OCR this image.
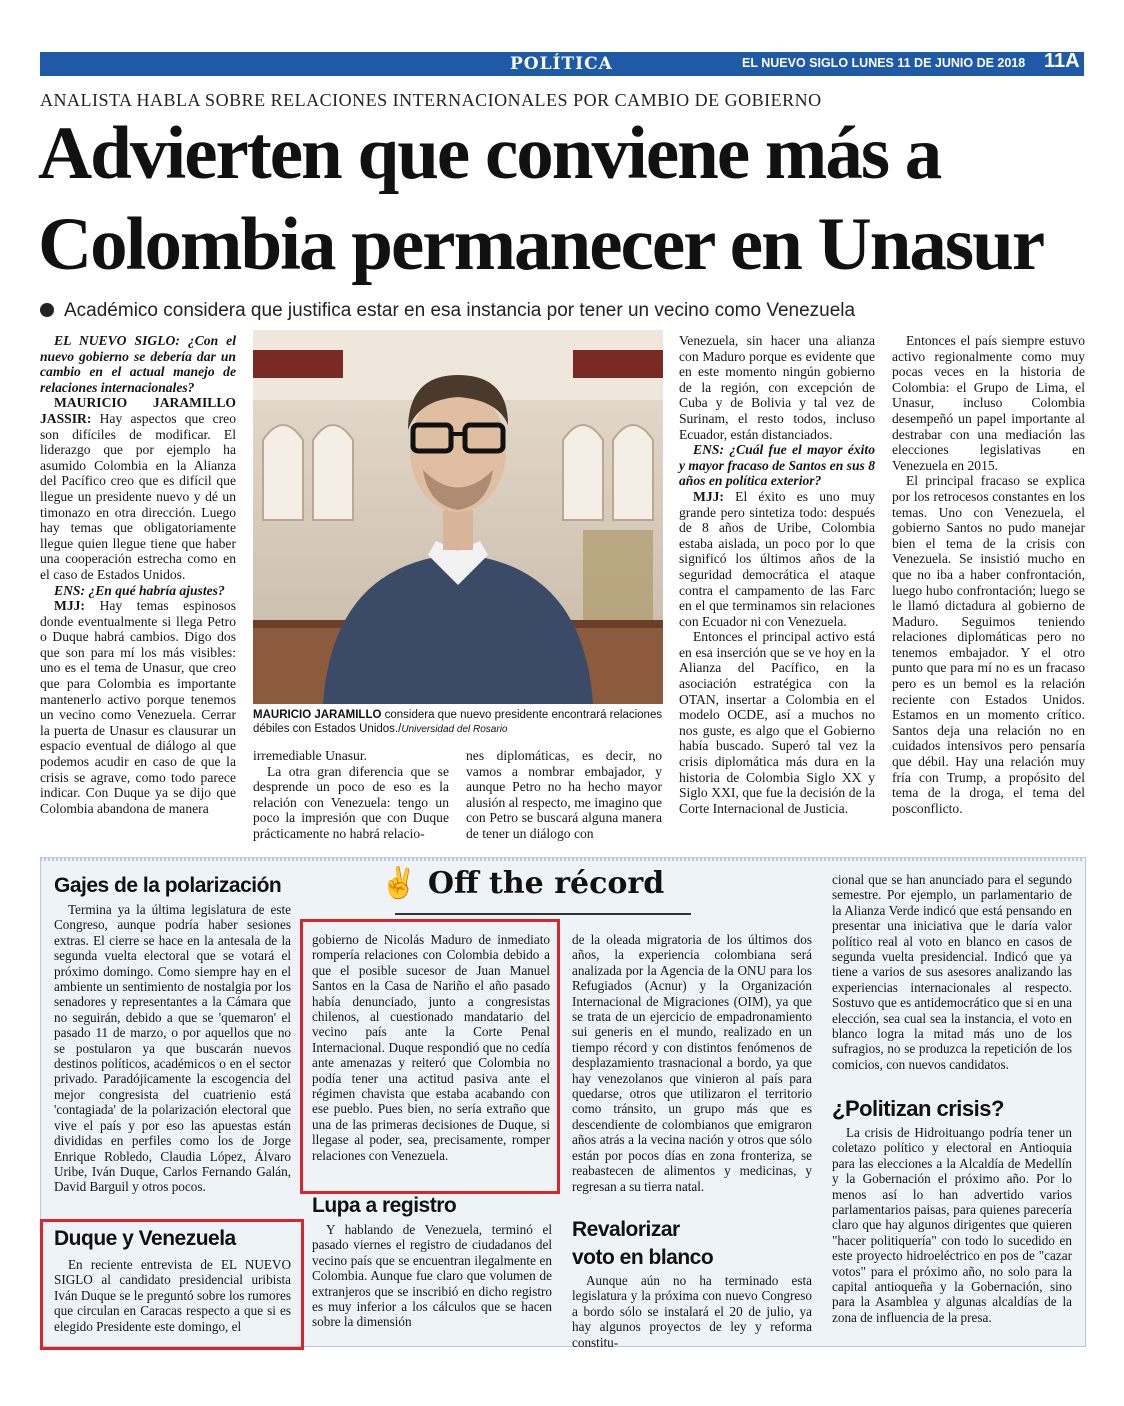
POLÍTICA	EL NUEVO SIGLO LUNES 11 DE JUNIO DE 2018 11A
ANALISTA HABLA SOBRE RELACIONES INTERNACIONALES POR CAMBIO DE GOBIERNO
Advierten que conviene más a
Colombia permanecer en Unasur
Académico considera que justifica estar en esa instancia por tener un vecino como Venezuela

EL NUEVO SIGLO: ¿Con el nuevo gobierno se debería dar un cambio en el actual manejo de relaciones internacionales?

MAURICIO JARAMILLO JASSIR: Hay aspectos que creo son difíciles de modificar. El liderazgo que por ejemplo ha asumido Colombia en la Alianza del Pacífico creo que es difícil que llegue un presidente nuevo y dé un timonazo en otra dirección. Luego hay temas que obligatoriamente llegue quien llegue tiene que haber una cooperación estrecha como en el caso de Estados Unidos.

ENS: ¿En qué habría ajustes?

MJJ: Hay temas espinosos donde eventualmente si llega Petro o Duque habrá cambios. Digo dos que son para mí los más visibles: uno es el tema de Unasur, que creo que para Colombia es importante mantenerlo activo porque tenemos un vecino como Venezuela. Cerrar la puerta de Unasur es clausurar un espacio eventual de diálogo al que podemos acudir en caso de que la crisis se agrave, como todo parece indicar. Con Duque ya se dijo que Colombia abandona de manera

MAURICIO JARAMILLO considera que nuevo presidente encontrará relaciones débiles con Estados Unidos./Universidad del Rosario

irremediable Unasur.

La otra gran diferencia que se desprende un poco de eso es la relación con Venezuela: tengo un poco la impresión que con Duque prácticamente no habrá relacio-

nes diplomáticas, es decir, no vamos a nombrar embajador, y aunque Petro no ha hecho mayor alusión al respecto, me imagino que con Petro se buscará alguna manera de tener un diálogo con

Venezuela, sin hacer una alianza con Maduro porque es evidente que en este momento ningún gobierno de la región, con excepción de Cuba y de Bolivia y tal vez de Surinam, el resto todos, incluso Ecuador, están distanciados.

ENS: ¿Cuál fue el mayor éxito y mayor fracaso de Santos en sus 8 años en política exterior?

MJJ: El éxito es uno muy grande pero sintetiza todo: después de 8 años de Uribe, Colombia estaba aislada, un poco por lo que significó los últimos años de la seguridad democrática el ataque contra el campamento de las Farc en el que terminamos sin relaciones con Ecuador ni con Venezuela.

Entonces el principal activo está en esa inserción que se ve hoy en la Alianza del Pacífico, en la asociación estratégica con la OTAN, insertar a Colombia en el modelo OCDE, así a muchos no nos guste, es algo que el Gobierno había buscado. Superó tal vez la crisis diplomática más dura en la historia de Colombia Siglo XX y Siglo XXI, que fue la decisión de la Corte Internacional de Justicia.

Entonces el país siempre estuvo activo regionalmente como muy pocas veces en la historia de Colombia: el Grupo de Lima, el Unasur, incluso Colombia desempeñó un papel importante al destrabar con una mediación las elecciones legislativas en Venezuela en 2015.

El principal fracaso se explica por los retrocesos constantes en los temas. Uno con Venezuela, el gobierno Santos no pudo manejar bien el tema de la crisis con Venezuela. Se insistió mucho en que no iba a haber confrontación, luego hubo confrontación; luego se le llamó dictadura al gobierno de Maduro. Seguimos teniendo relaciones diplomáticas pero no tenemos embajador. Y el otro punto que para mí no es un fracaso pero es un bemol es la relación reciente con Estados Unidos. Estamos en un momento crítico. Santos deja una relación no en cuidados intensivos pero pensaría que débil. Hay una relación muy fría con Trump, a propósito del tema de la droga, el tema del posconflicto.

✌ Off the récord
Gajes de la polarización

Termina ya la última legislatura de este Congreso, aunque podría haber sesiones extras. El cierre se hace en la antesala de la segunda vuelta electoral que se votará el próximo domingo. Como siempre hay en el ambiente un sentimiento de nostalgia por los senadores y representantes a la Cámara que no seguirán, debido a que se 'quemaron' el pasado 11 de marzo, o por aquellos que no se postularon ya que buscarán nuevos destinos políticos, académicos o en el sector privado. Paradójicamente la escogencia del mejor congresista del cuatrienio está 'contagiada' de la polarización electoral que vive el país y por eso las apuestas están divididas en perfiles como los de Jorge Enrique Robledo, Claudia López, Álvaro Uribe, Iván Duque, Carlos Fernando Galán, David Barguil y otros pocos.

Duque y Venezuela

En reciente entrevista de EL NUEVO SIGLO al candidato presidencial uribista Iván Duque se le preguntó sobre los rumores que circulan en Caracas respecto a que si es elegido Presidente este domingo, el

gobierno de Nicolás Maduro de inmediato rompería relaciones con Colombia debido a que el posible sucesor de Juan Manuel Santos en la Casa de Nariño el año pasado había denunciado, junto a congresistas chilenos, al cuestionado mandatario del vecino país ante la Corte Penal Internacional. Duque respondió que no cedía ante amenazas y reiteró que Colombia no podía tener una actitud pasiva ante el régimen chavista que estaba acabando con ese pueblo. Pues bien, no sería extraño que una de las primeras decisiones de Duque, si llegase al poder, sea, precisamente, romper relaciones con Venezuela.

Lupa a registro

Y hablando de Venezuela, terminó el pasado viernes el registro de ciudadanos del vecino país que se encuentran ilegalmente en Colombia. Aunque fue claro que volumen de extranjeros que se inscribió en dicho registro es muy inferior a los cálculos que se hacen sobre la dimensión

de la oleada migratoria de los últimos dos años, la experiencia colombiana será analizada por la Agencia de la ONU para los Refugiados (Acnur) y la Organización Internacional de Migraciones (OIM), ya que se trata de un ejercicio de empadronamiento sui generis en el mundo, realizado en un tiempo récord y con distintos fenómenos de desplazamiento trasnacional a bordo, ya que hay venezolanos que vinieron al país para quedarse, otros que utilizaron el territorio como tránsito, un grupo más que es descendiente de colombianos que emigraron años atrás a la vecina nación y otros que sólo están por pocos días en zona fronteriza, se reabastecen de alimentos y medicinas, y regresan a su tierra natal.

Revalorizar
voto en blanco

Aunque aún no ha terminado esta legislatura y la próxima con nuevo Congreso a bordo sólo se instalará el 20 de julio, ya hay algunos proyectos de ley y reforma constitu-

cional que se han anunciado para el segundo semestre. Por ejemplo, un parlamentario de la Alianza Verde indicó que está pensando en presentar una iniciativa que le daría valor político real al voto en blanco en casos de segunda vuelta presidencial. Indicó que ya tiene a varios de sus asesores analizando las experiencias internacionales al respecto. Sostuvo que es antidemocrático que si en una elección, sea cual sea la instancia, el voto en blanco logra la mitad más uno de los sufragios, no se produzca la repetición de los comicios, con nuevos candidatos.

¿Politizan crisis?

La crisis de Hidroituango podría tener un coletazo político y electoral en Antioquia para las elecciones a la Alcaldía de Medellín y la Gobernación el próximo año. Por lo menos así lo han advertido varios parlamentarios paisas, para quienes parecería claro que hay algunos dirigentes que quieren "hacer politiquería" con todo lo sucedido en este proyecto hidroeléctrico en pos de "cazar votos" para el próximo año, no solo para la capital antioqueña y la Gobernación, sino para la Asamblea y algunas alcaldías de la zona de influencia de la presa.
